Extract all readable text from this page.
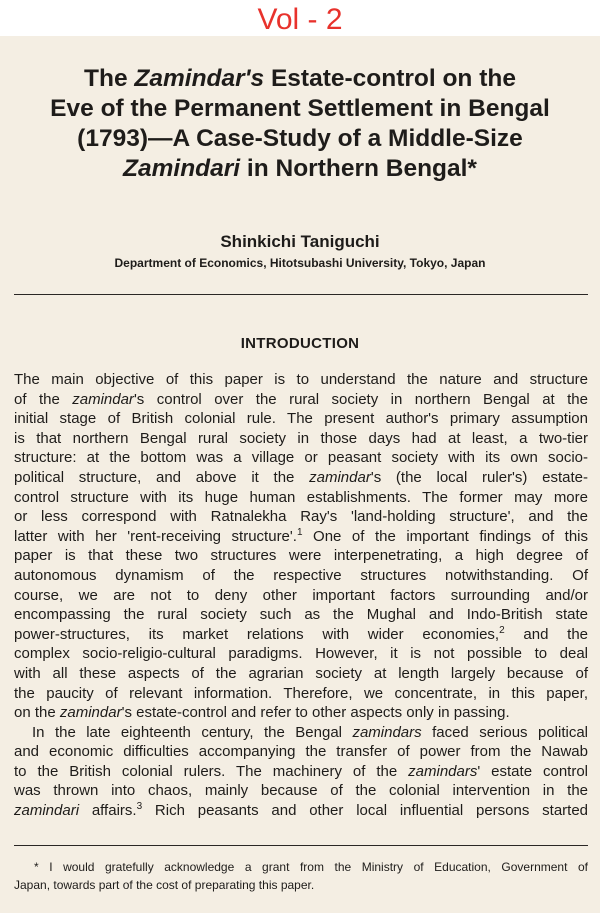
Vol - 2
The Zamindar's Estate-control on the
Eve of the Permanent Settlement in Bengal
(1793)—A Case-Study of a Middle-Size
Zamindari in Northern Bengal*
Shinkichi Taniguchi
Department of Economics, Hitotsubashi University, Tokyo, Japan
INTRODUCTION
The main objective of this paper is to understand the nature and structure
of the zamindar's control over the rural society in northern Bengal at the
initial stage of British colonial rule. The present author's primary assumption
is that northern Bengal rural society in those days had at least, a two-tier
structure: at the bottom was a village or peasant society with its own socio-
political structure, and above it the zamindar's (the local ruler's) estate-
control structure with its huge human establishments. The former may more
or less correspond with Ratnalekha Ray's 'land-holding structure', and the
latter with her 'rent-receiving structure'.$^1$ One of the important findings of this
paper is that these two structures were interpenetrating, a high degree of
autonomous dynamism of the respective structures notwithstanding. Of
course, we are not to deny other important factors surrounding and/or
encompassing the rural society such as the Mughal and Indo-British state
power-structures, its market relations with wider economies,$^2$ and the
complex socio-religio-cultural paradigms. However, it is not possible to deal
with all these aspects of the agrarian society at length largely because of
the paucity of relevant information. Therefore, we concentrate, in this paper,
on the zamindar's estate-control and refer to other aspects only in passing.
In the late eighteenth century, the Bengal zamindars faced serious political
and economic difficulties accompanying the transfer of power from the Nawab
to the British colonial rulers. The machinery of the zamindars' estate control
was thrown into chaos, mainly because of the colonial intervention in the
zamindari affairs.$^3$ Rich peasants and other local influential persons started
* I would gratefully acknowledge a grant from the Ministry of Education, Government of
Japan, towards part of the cost of preparating this paper.
